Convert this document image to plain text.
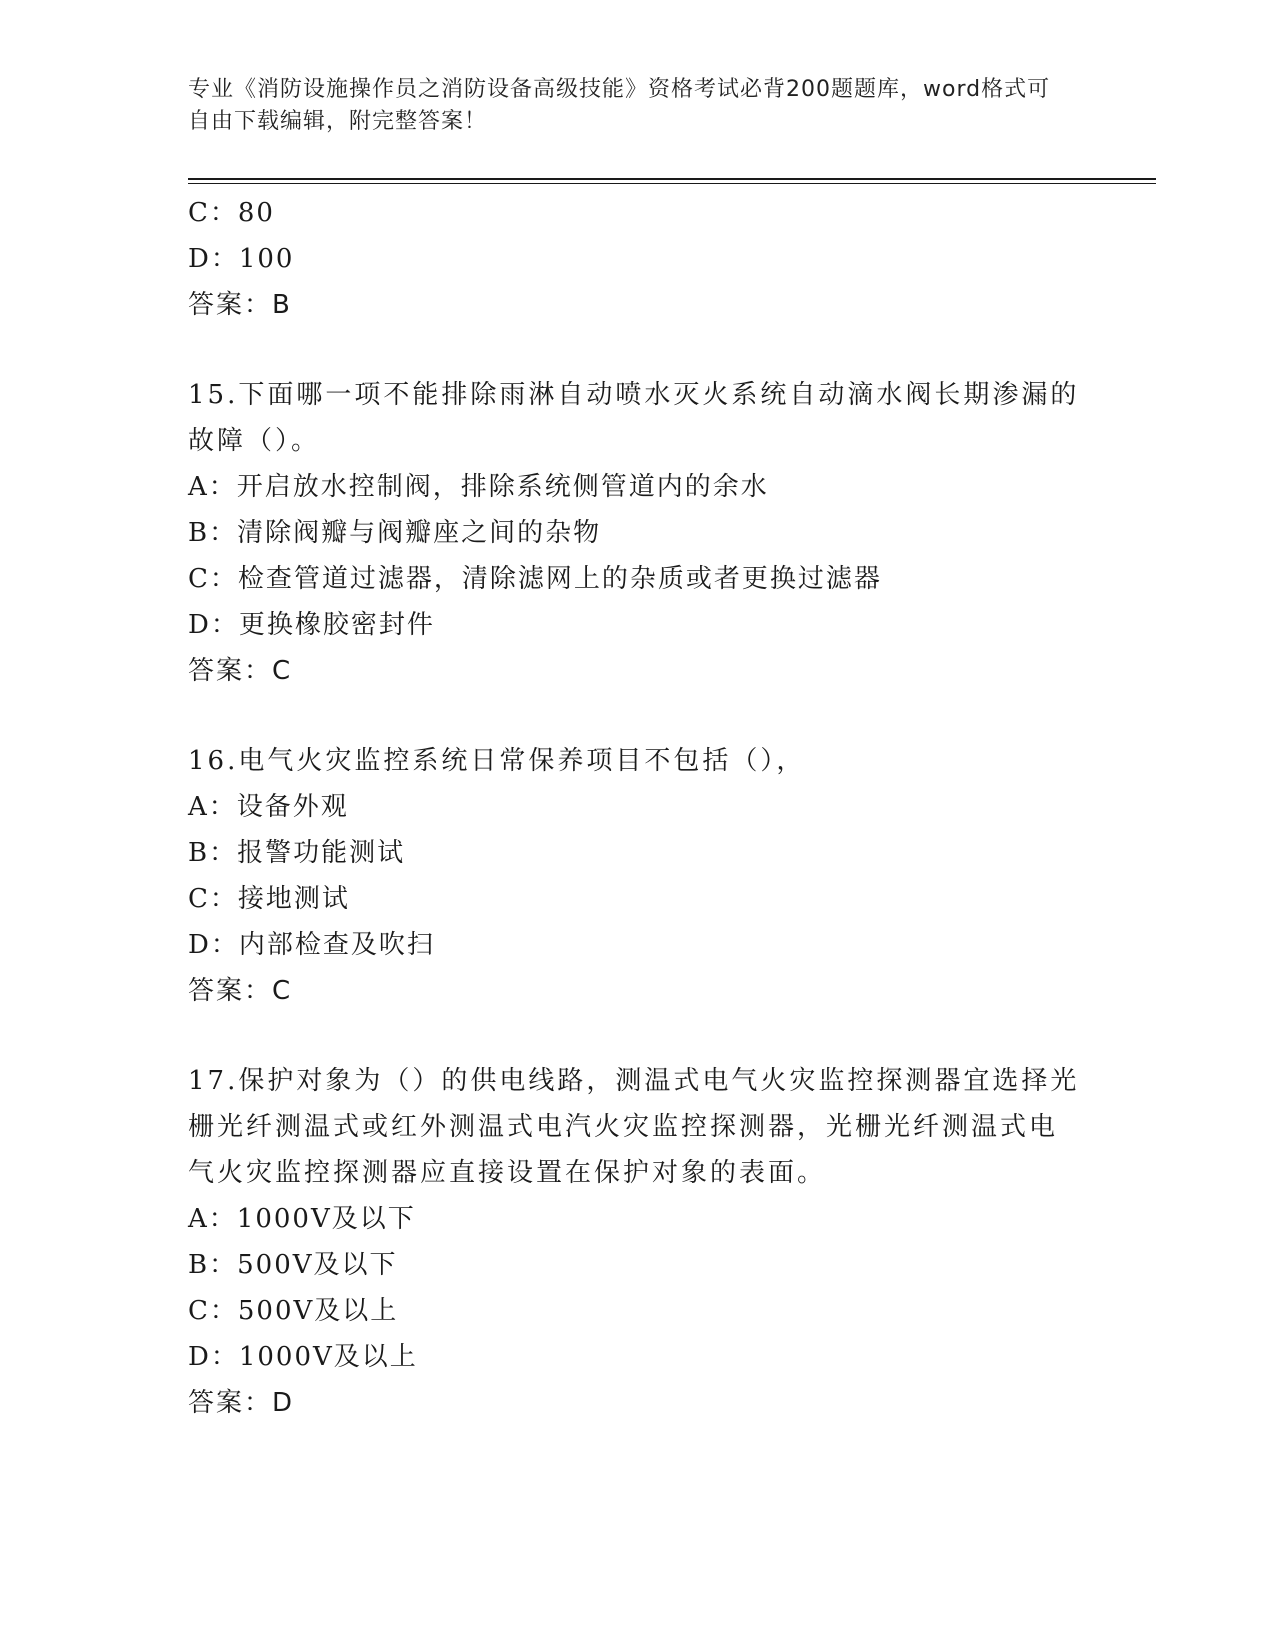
专业《消防设施操作员之消防设备高级技能》资格考试必背200题题库，word格式可自由下载编辑，附完整答案！
C：80
D：100
答案：B
15.下面哪一项不能排除雨淋自动喷水灭火系统自动滴水阀长期渗漏的
故障（）。
A：开启放水控制阀，排除系统侧管道内的余水
B：清除阀瓣与阀瓣座之间的杂物
C：检查管道过滤器，清除滤网上的杂质或者更换过滤器
D：更换橡胶密封件
答案：C
16.电气火灾监控系统日常保养项目不包括（），
A：设备外观
B：报警功能测试
C：接地测试
D：内部检查及吹扫
答案：C
17.保护对象为（）的供电线路，测温式电气火灾监控探测器宜选择光
栅光纤测温式或红外测温式电汽火灾监控探测器，光栅光纤测温式电
气火灾监控探测器应直接设置在保护对象的表面。
A：1000V及以下
B：500V及以下
C：500V及以上
D：1000V及以上
答案：D
